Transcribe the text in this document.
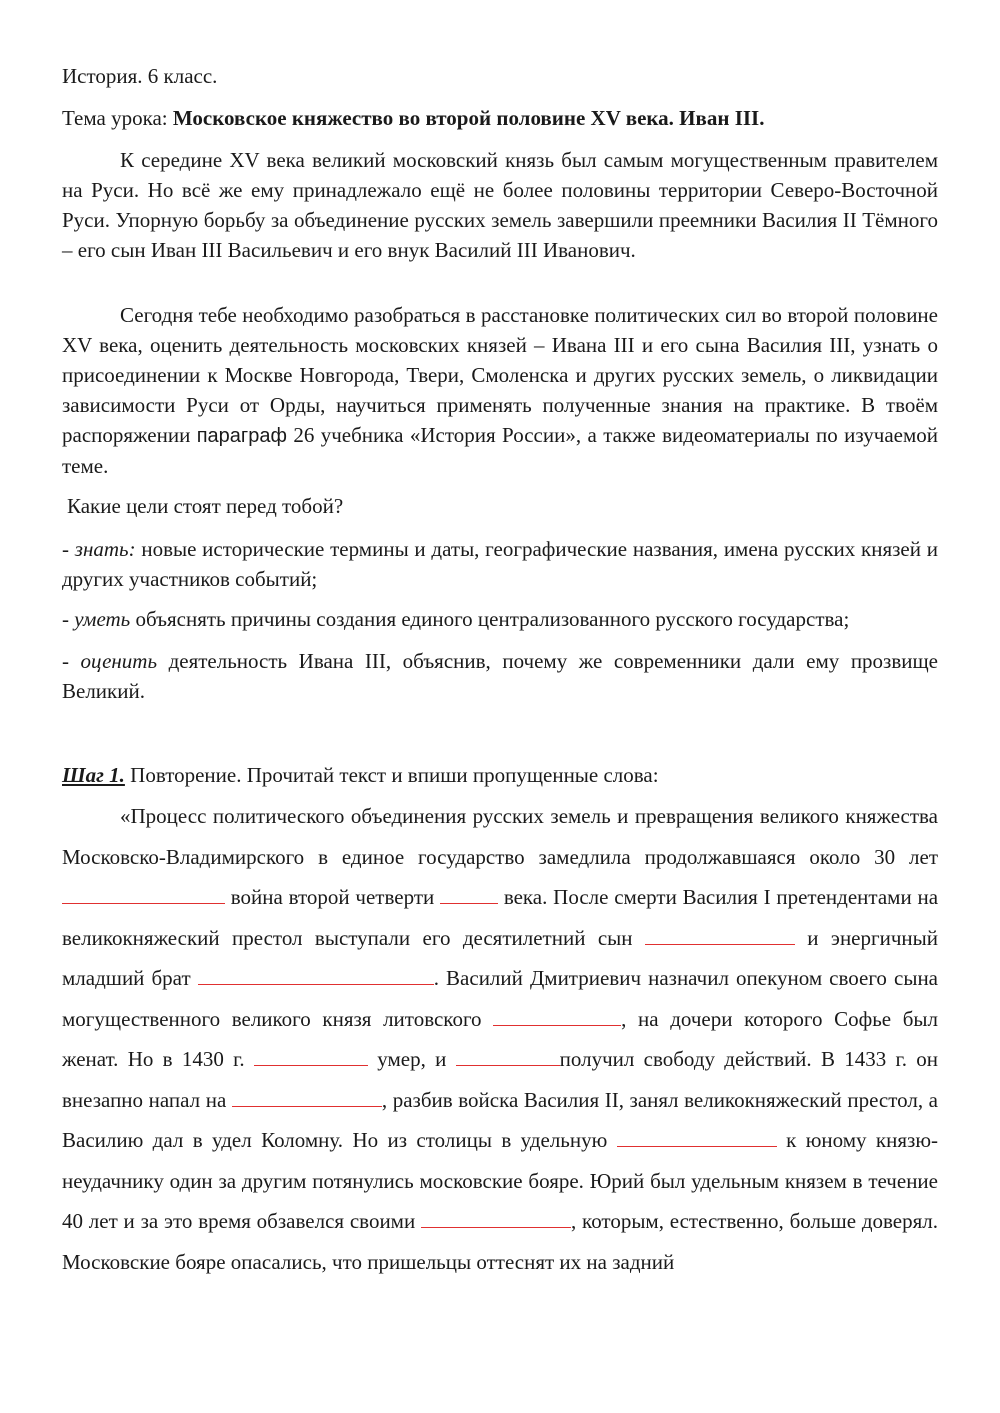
История. 6 класс.

Тема урока: Московское княжество во второй половине XV века. Иван III.

К середине XV века великий московский князь был самым могущественным правителем на Руси. Но всё же ему принадлежало ещё не более половины территории Северо-Восточной Руси. Упорную борьбу за объединение русских земель завершили преемники Василия II Тёмного – его сын Иван III Васильевич и его внук Василий III Иванович.

Сегодня тебе необходимо разобраться в расстановке политических сил во второй половине XV века, оценить деятельность московских князей – Ивана III и его сына Василия III, узнать о присоединении к Москве Новгорода, Твери, Смоленска и других русских земель, о ликвидации зависимости Руси от Орды, научиться применять полученные знания на практике. В твоём распоряжении параграф 26 учебника «История России», а также видеоматериалы по изучаемой теме.

Какие цели стоят перед тобой?

- знать: новые исторические термины и даты, географические названия, имена русских князей и других участников событий;

- уметь объяснять причины создания единого централизованного русского государства;

- оценить деятельность Ивана III, объяснив, почему же современники дали ему прозвище Великий.

Шаг 1. Повторение. Прочитай текст и впиши пропущенные слова:

«Процесс политического объединения русских земель и превращения великого княжества Московско-Владимирского в единое государство замедлила продолжавшаяся около 30 лет  война второй четверти	века. После смерти Василия I претендентами на великокняжеский престол выступали его десятилетний сын	и энергичный младший брат	. Василий Дмитриевич назначил опекуном своего сына могущественного великого князя литовского	, на дочери которого Софье был женат. Но в 1430 г.	умер, и	получил свободу действий. В 1433 г. он внезапно напал на	, разбив войска Василия II, занял великокняжеский престол, а Василию дал в удел Коломну. Но из столицы в удельную	к юному князю-неудачнику один за другим потянулись московские бояре. Юрий был удельным князем в течение 40 лет и за это время обзавелся своими	, которым, естественно, больше доверял. Московские бояре опасались, что пришельцы оттеснят их на задний
